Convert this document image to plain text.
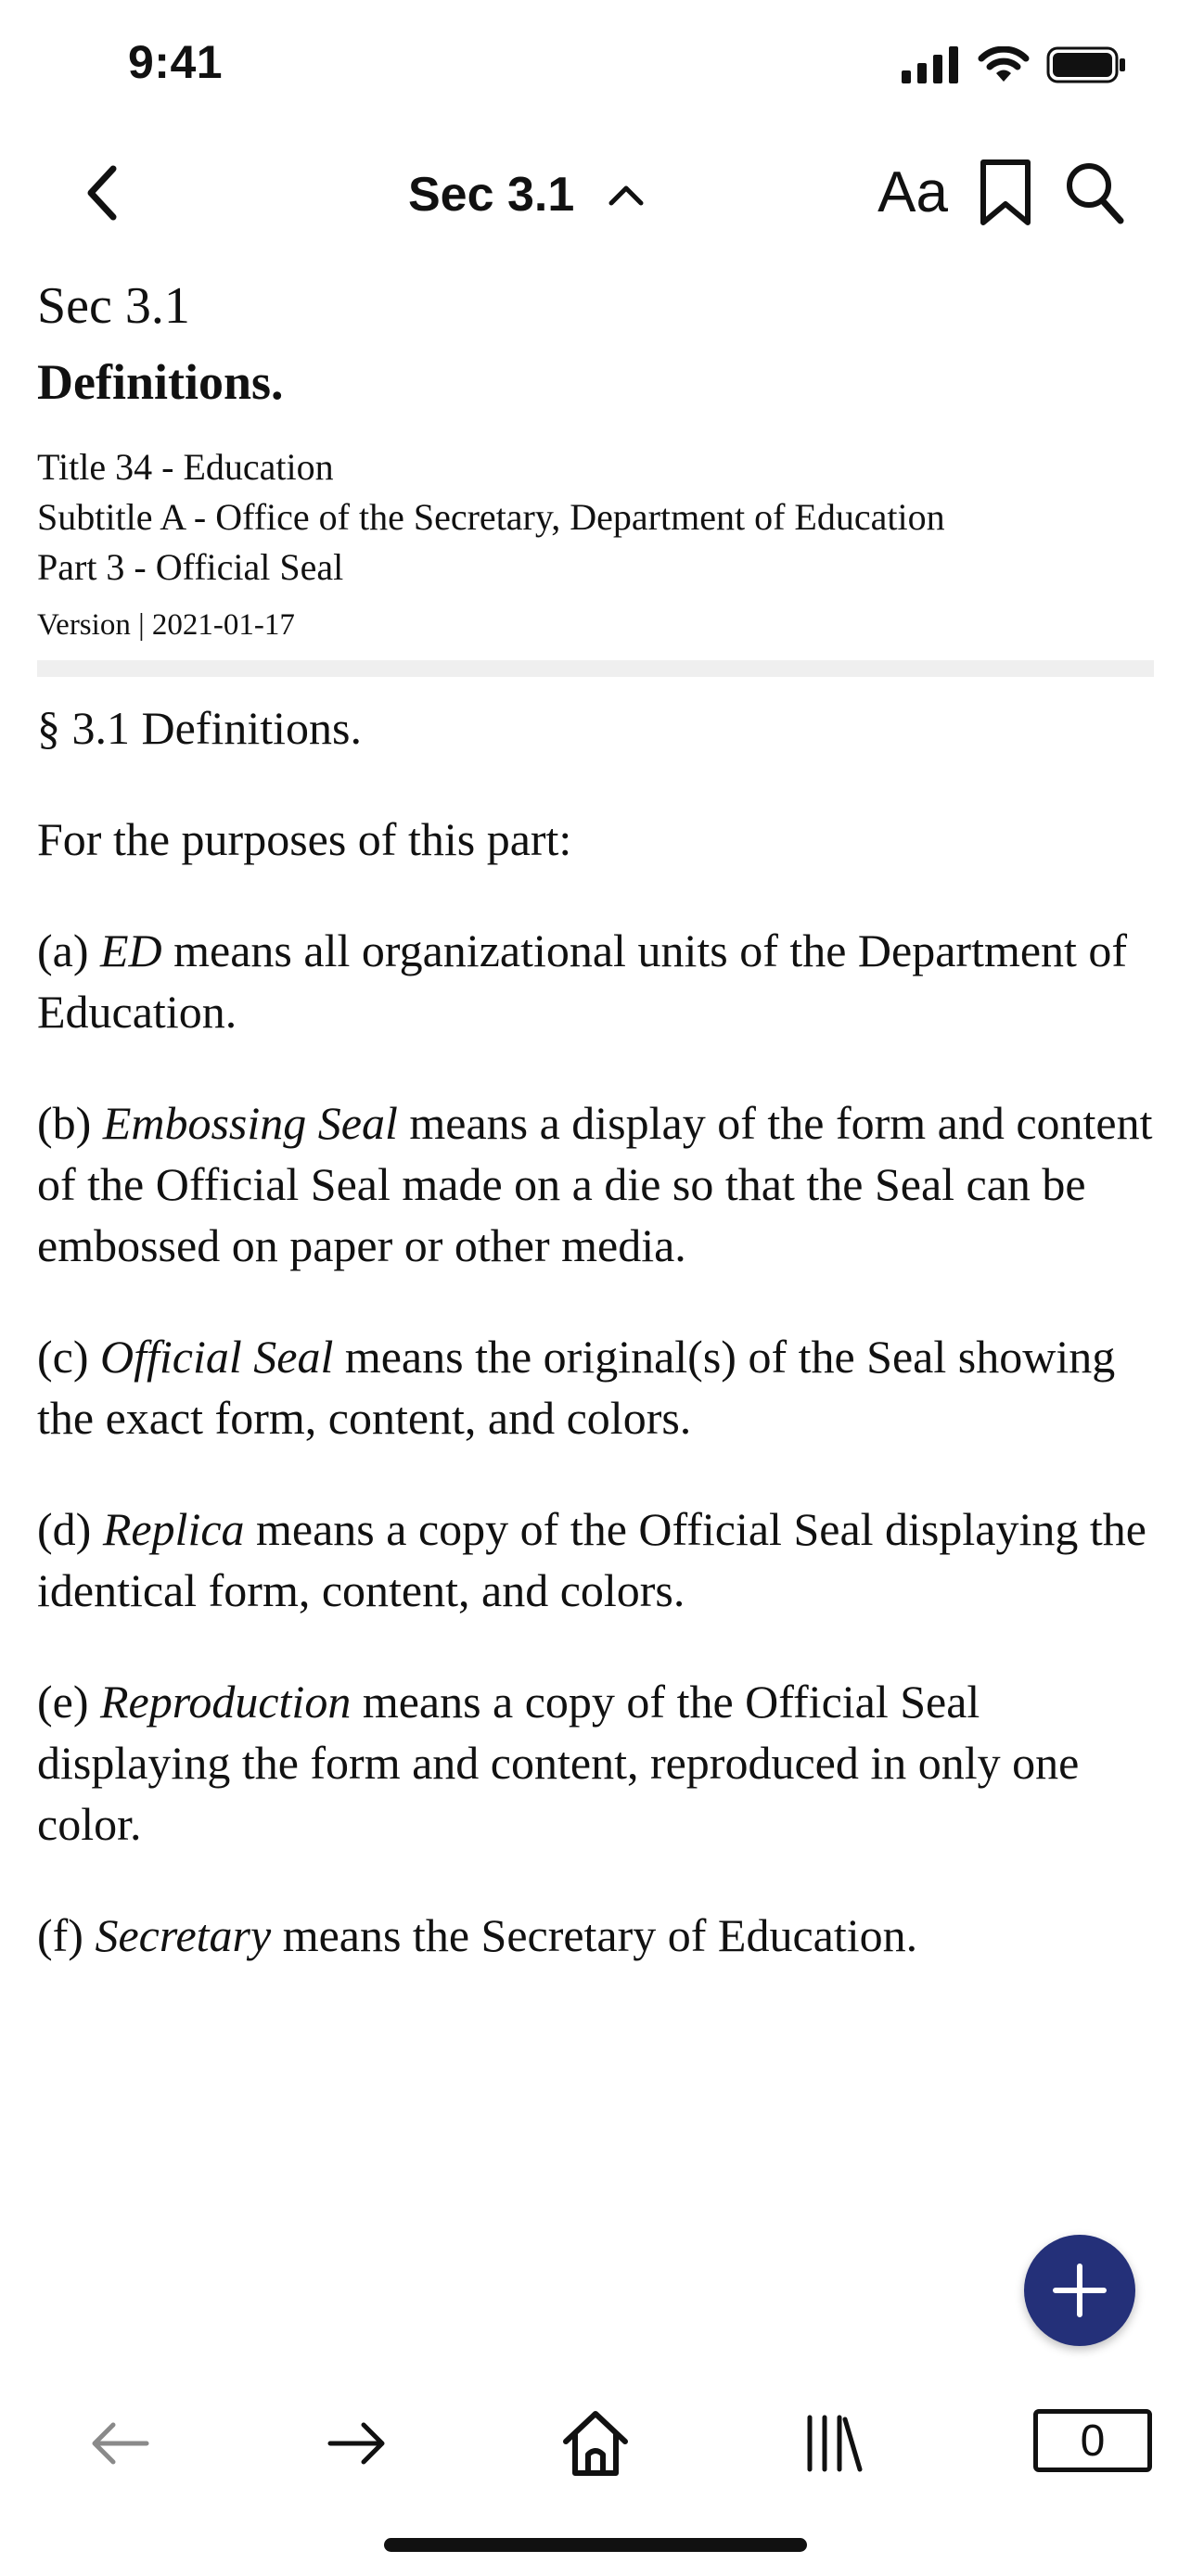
9:41
Sec 3.1	Aa
Sec 3.1
Definitions.
Title 34 - Education
Subtitle A - Office of the Secretary, Department of Education
Part 3 - Official Seal
Version | 2021-01-17

§ 3.1 Definitions.

For the purposes of this part:

(a) ED means all organizational units of the Department of Education.

(b) Embossing Seal means a display of the form and content of the Official Seal made on a die so that the Seal can be embossed on paper or other media.

(c) Official Seal means the original(s) of the Seal showing the exact form, content, and colors.

(d) Replica means a copy of the Official Seal displaying the identical form, content, and colors.

(e) Reproduction means a copy of the Official Seal displaying the form and content, reproduced in only one color.

(f) Secretary means the Secretary of Education.

0
